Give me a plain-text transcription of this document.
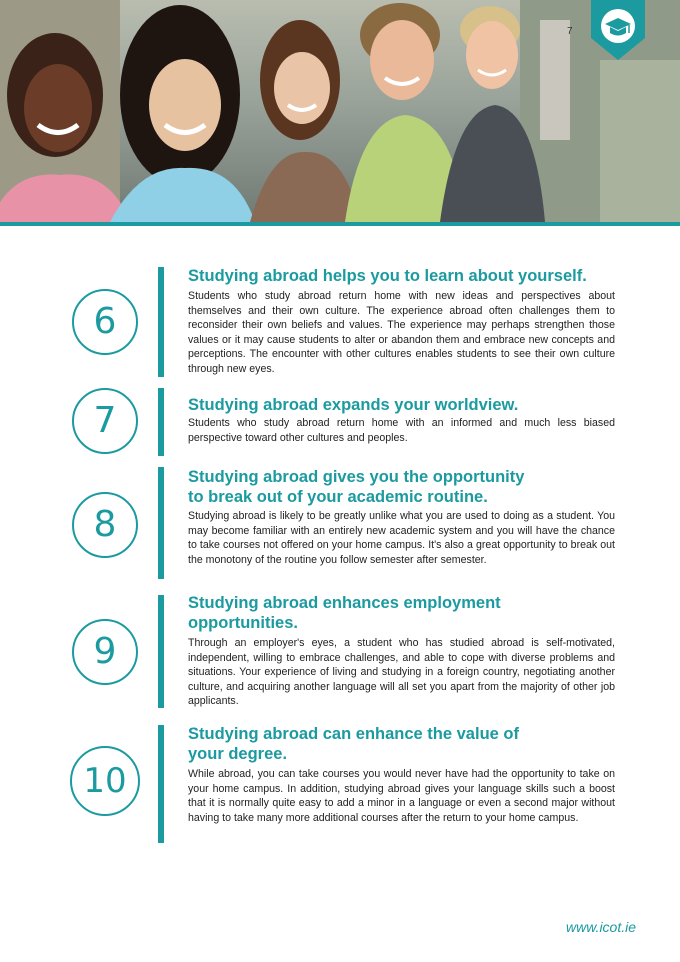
7
6
Studying abroad helps you to learn about yourself.
Students who study abroad return home with new ideas and perspectives about themselves and their own culture. The experience abroad often challenges them to reconsider their own beliefs and values. The experience may perhaps strengthen those values or it may cause students to alter or abandon them and embrace new concepts and perceptions. The encounter with other cultures enables students to see their own culture through new eyes.
7	Studying abroad expands your worldview.
Students who study abroad return home with an informed and much less biased perspective toward other cultures and peoples.
8
Studying abroad gives you the opportunity
to break out of your academic routine.
Studying abroad is likely to be greatly unlike what you are used to doing as a student. You may become familiar with an entirely new academic system and you will have the chance to take courses not offered on your home campus. It's also a great opportunity to break out the monotony of the routine you follow semester after semester.
9
Studying abroad enhances employment
opportunities.
Through an employer's eyes, a student who has studied abroad is self-motivated, independent, willing to embrace challenges, and able to cope with diverse problems and situations. Your experience of living and studying in a foreign country, negotiating another culture, and acquiring another language will all set you apart from the majority of other job applicants.
10
Studying abroad can enhance the value of
your degree.
While abroad, you can take courses you would never have had the opportunity to take on your home campus. In addition, studying abroad gives your language skills such a boost that it is normally quite easy to add a minor in a language or even a second major without having to take many more additional courses after the return to your home campus.
www.icot.ie
